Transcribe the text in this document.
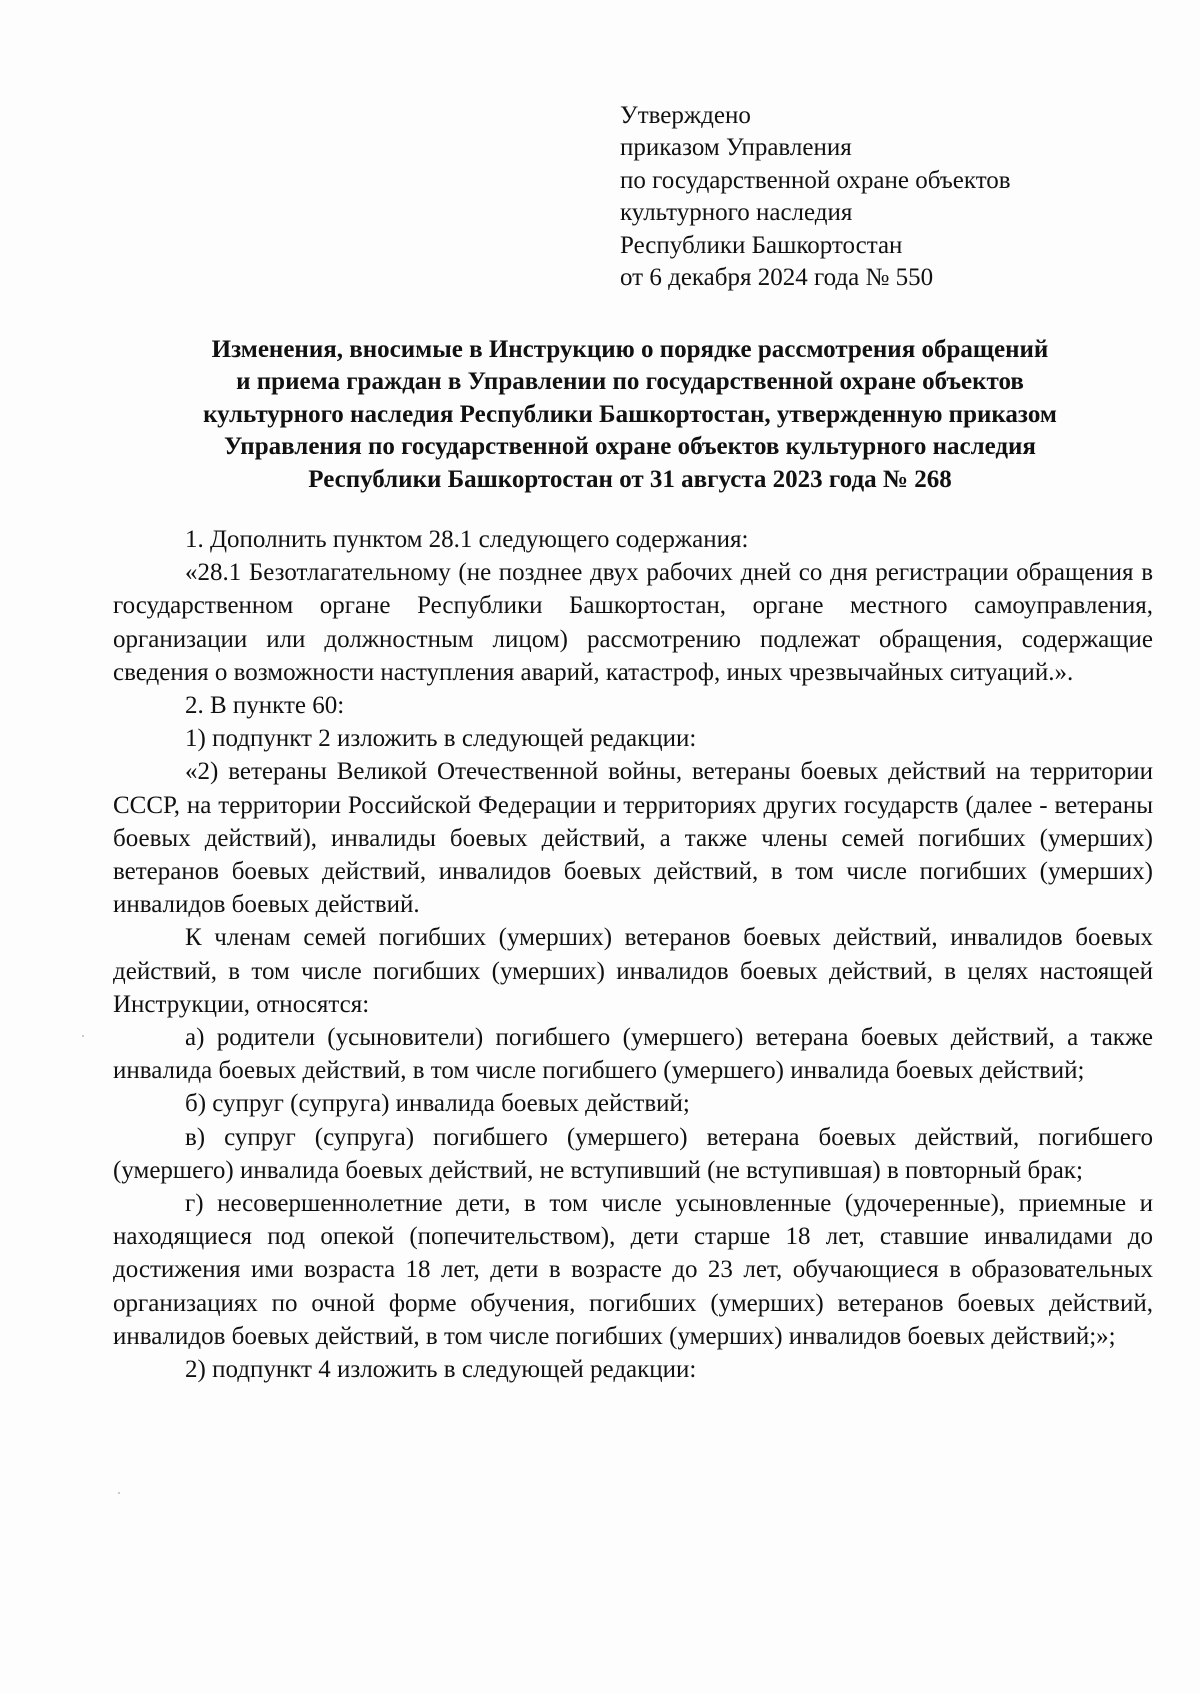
Утверждено
приказом Управления
по государственной охране объектов
культурного наследия
Республики Башкортостан
от 6 декабря 2024 года № 550
Изменения, вносимые в Инструкцию о порядке рассмотрения обращений
и приема граждан в Управлении по государственной охране объектов
культурного наследия Республики Башкортостан, утвержденную приказом
Управления по государственной охране объектов культурного наследия
Республики Башкортостан от 31 августа 2023 года № 268

1. Дополнить пунктом 28.1 следующего содержания:

«28.1 Безотлагательному (не позднее двух рабочих дней со дня регистрации обращения в государственном органе Республики Башкортостан, органе местного самоуправления, организации или должностным лицом) рассмотрению подлежат обращения, содержащие сведения о возможности наступления аварий, катастроф, иных чрезвычайных ситуаций.».

2. В пункте 60:

1) подпункт 2 изложить в следующей редакции:

«2) ветераны Великой Отечественной войны, ветераны боевых действий на территории СССР, на территории Российской Федерации и территориях других государств (далее - ветераны боевых действий), инвалиды боевых действий, а также члены семей погибших (умерших) ветеранов боевых действий, инвалидов боевых действий, в том числе погибших (умерших) инвалидов боевых действий.

К членам семей погибших (умерших) ветеранов боевых действий, инвалидов боевых действий, в том числе погибших (умерших) инвалидов боевых действий, в целях настоящей Инструкции, относятся:

а) родители (усыновители) погибшего (умершего) ветерана боевых действий, а также инвалида боевых действий, в том числе погибшего (умершего) инвалида боевых действий;

б) супруг (супруга) инвалида боевых действий;

в) супруг (супруга) погибшего (умершего) ветерана боевых действий, погибшего (умершего) инвалида боевых действий, не вступивший (не вступившая) в повторный брак;

г) несовершеннолетние дети, в том числе усыновленные (удочеренные), приемные и находящиеся под опекой (попечительством), дети старше 18 лет, ставшие инвалидами до достижения ими возраста 18 лет, дети в возрасте до 23 лет, обучающиеся в образовательных организациях по очной форме обучения, погибших (умерших) ветеранов боевых действий, инвалидов боевых действий, в том числе погибших (умерших) инвалидов боевых действий;»;

2) подпункт 4 изложить в следующей редакции:
